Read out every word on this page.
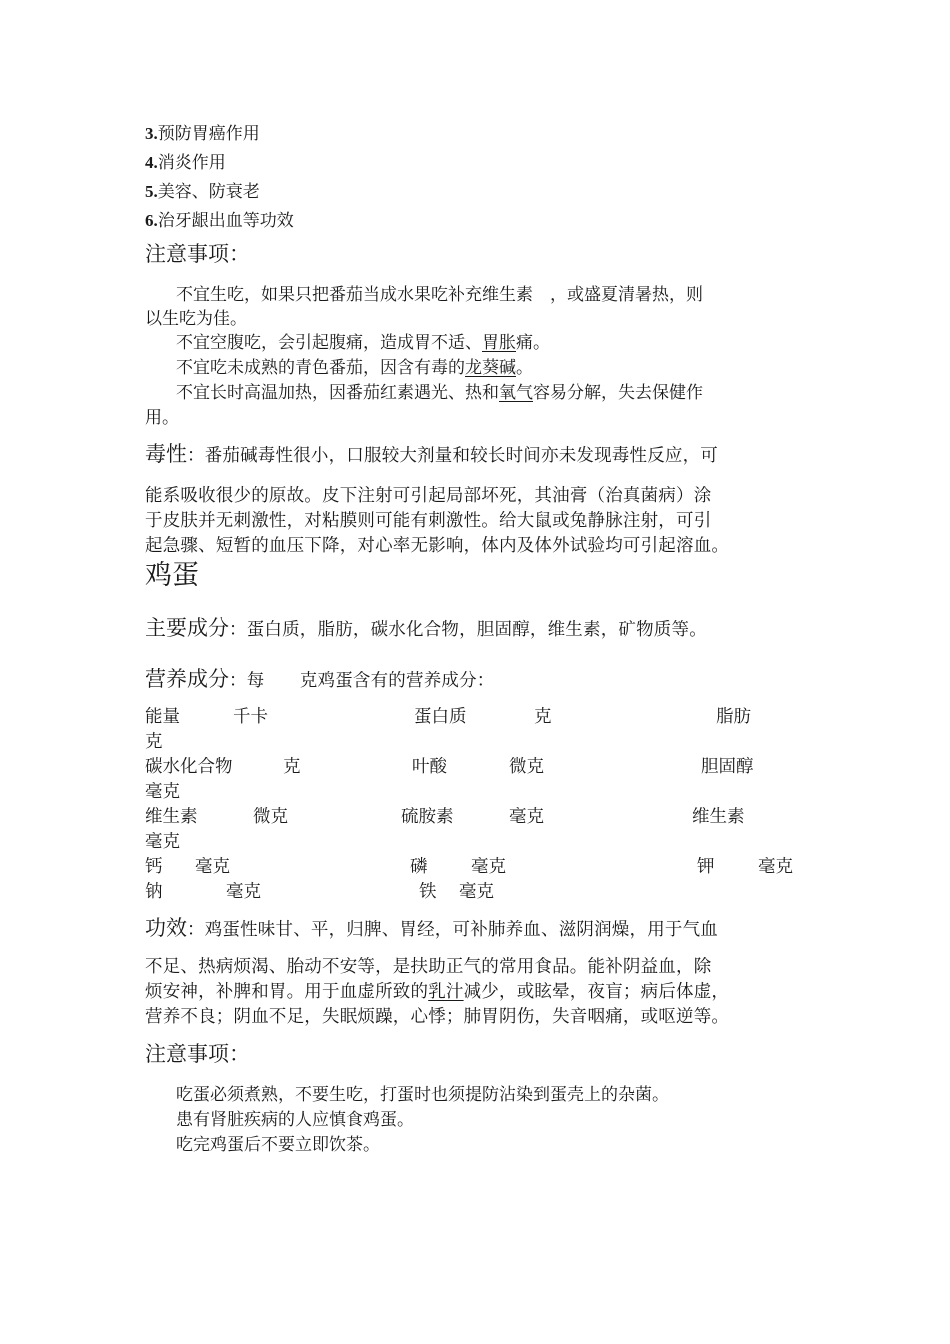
3.预防胃癌作用
4.消炎作用
5.美容、防衰老
6.治牙龈出血等功效
注意事项：
不宜生吃，如果只把番茄当成水果吃补充维生素　，或盛夏清暑热，则
以生吃为佳。
不宜空腹吃，会引起腹痛，造成胃不适、胃胀痛。
不宜吃未成熟的青色番茄，因含有毒的龙葵碱。
不宜长时高温加热，因番茄红素遇光、热和氧气容易分解，失去保健作
用。
毒性：番茄碱毒性很小，口服较大剂量和较长时间亦未发现毒性反应，可
能系吸收很少的原故。皮下注射可引起局部坏死，其油膏（治真菌病）涂
于皮肤并无刺激性，对粘膜则可能有刺激性。给大鼠或兔静脉注射，可引
起急骤、短暂的血压下降，对心率无影响，体内及体外试验均可引起溶血。
鸡蛋
主要成分：蛋白质，脂肪，碳水化合物，胆固醇，维生素，矿物质等。
营养成分：每　　克鸡蛋含有的营养成分：
能量	千卡	蛋白质	克	脂肪
克
碳水化合物	克	叶酸	微克	胆固醇
毫克
维生素	微克	硫胺素	毫克	维生素
毫克
钙 毫克	磷 毫克	钾 毫克
钠	毫克	铁 毫克
功效：鸡蛋性味甘、平，归脾、胃经，可补肺养血、滋阴润燥，用于气血
不足、热病烦渴、胎动不安等，是扶助正气的常用食品。能补阴益血，除
烦安神，补脾和胃。用于血虚所致的乳汁减少，或眩晕，夜盲；病后体虚，
营养不良；阴血不足，失眠烦躁，心悸；肺胃阴伤，失音咽痛，或呕逆等。
注意事项：
吃蛋必须煮熟，不要生吃，打蛋时也须提防沾染到蛋壳上的杂菌。
患有肾脏疾病的人应慎食鸡蛋。
吃完鸡蛋后不要立即饮茶。
